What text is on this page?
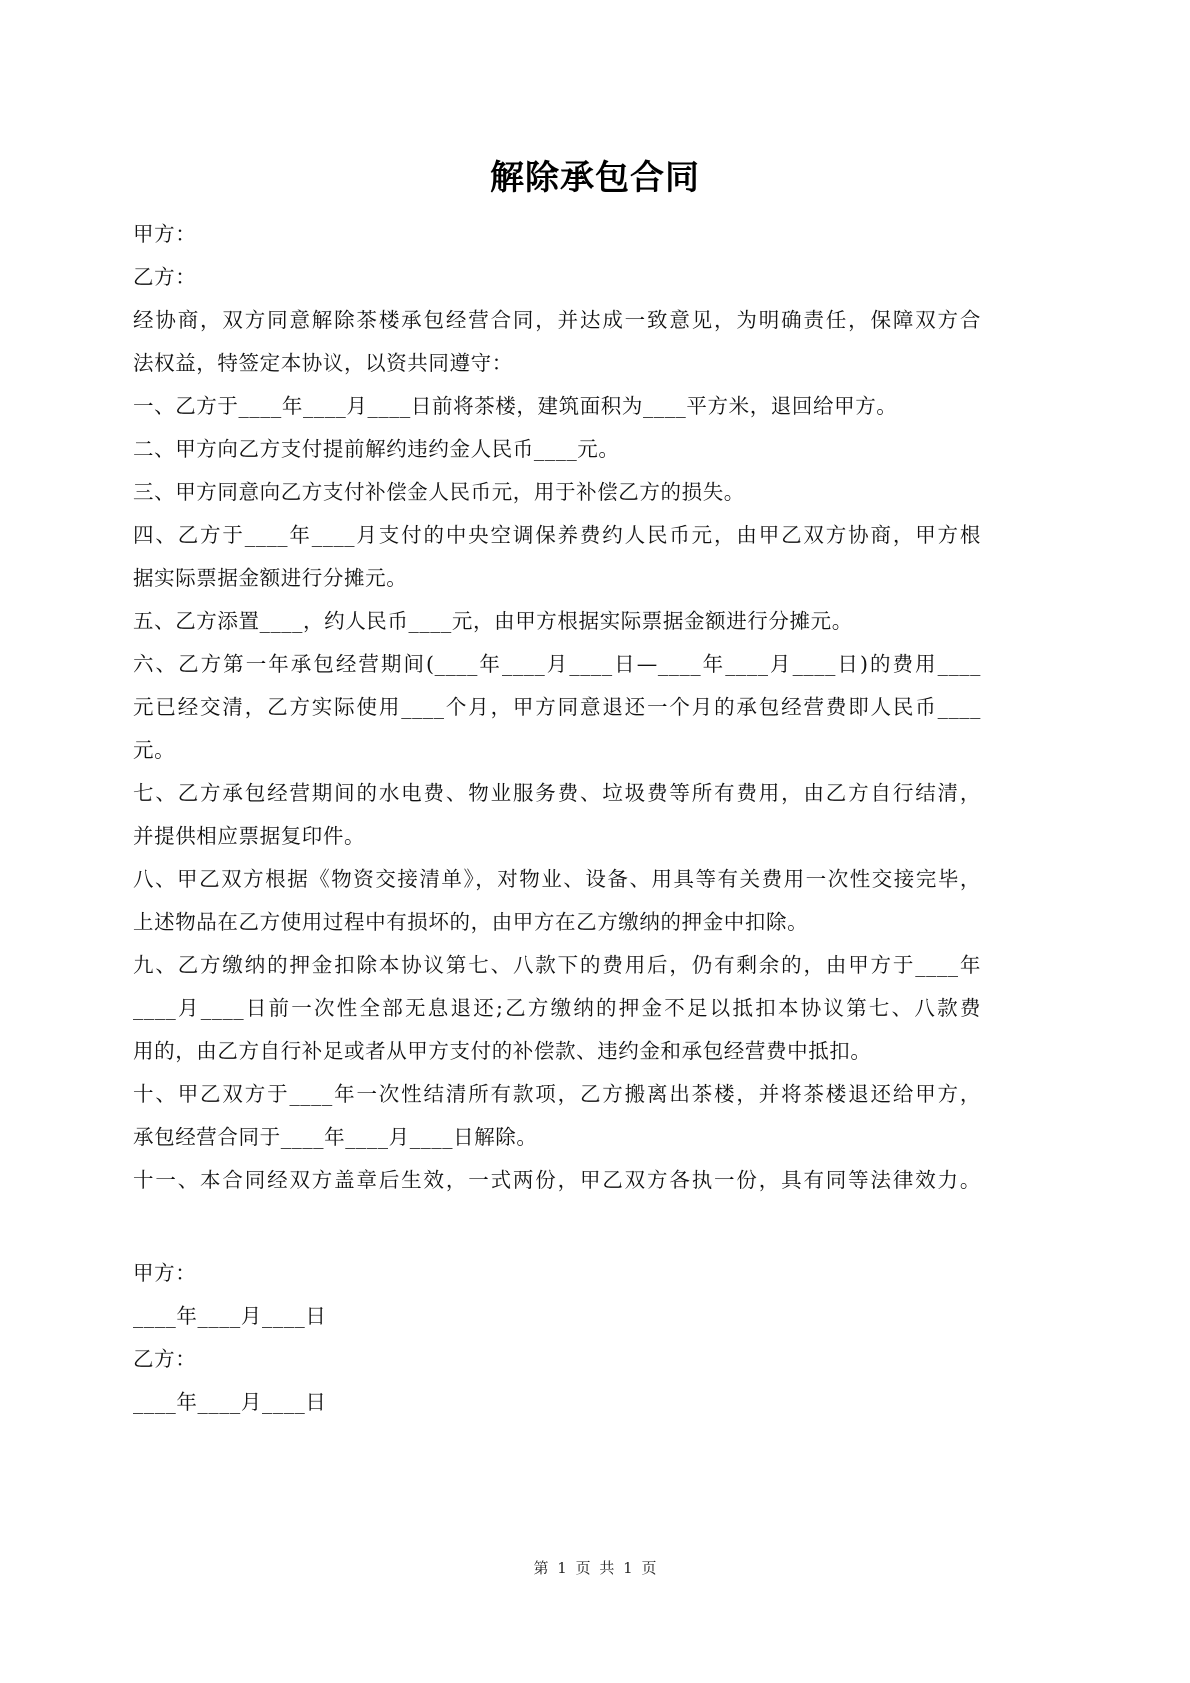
解除承包合同
甲方：
乙方：
经协商，双方同意解除茶楼承包经营合同，并达成一致意见，为明确责任，保障双方合
法权益，特签定本协议，以资共同遵守：
一、乙方于____年____月____日前将茶楼，建筑面积为____平方米，退回给甲方。
二、甲方向乙方支付提前解约违约金人民币____元。
三、甲方同意向乙方支付补偿金人民币元，用于补偿乙方的损失。
四、乙方于____年____月支付的中央空调保养费约人民币元，由甲乙双方协商，甲方根
据实际票据金额进行分摊元。
五、乙方添置____，约人民币____元，由甲方根据实际票据金额进行分摊元。
六、乙方第一年承包经营期间(____年____月____日—____年____月____日)的费用____
元已经交清，乙方实际使用____个月，甲方同意退还一个月的承包经营费即人民币____
元。
七、乙方承包经营期间的水电费、物业服务费、垃圾费等所有费用，由乙方自行结清，
并提供相应票据复印件。
八、甲乙双方根据《物资交接清单》，对物业、设备、用具等有关费用一次性交接完毕，
上述物品在乙方使用过程中有损坏的，由甲方在乙方缴纳的押金中扣除。
九、乙方缴纳的押金扣除本协议第七、八款下的费用后，仍有剩余的，由甲方于____年
____月____日前一次性全部无息退还;乙方缴纳的押金不足以抵扣本协议第七、八款费
用的，由乙方自行补足或者从甲方支付的补偿款、违约金和承包经营费中抵扣。
十、甲乙双方于____年一次性结清所有款项，乙方搬离出茶楼，并将茶楼退还给甲方，
承包经营合同于____年____月____日解除。
十一、本合同经双方盖章后生效，一式两份，甲乙双方各执一份，具有同等法律效力。
甲方：
____年____月____日
乙方：
____年____月____日
第 1 页 共 1 页
